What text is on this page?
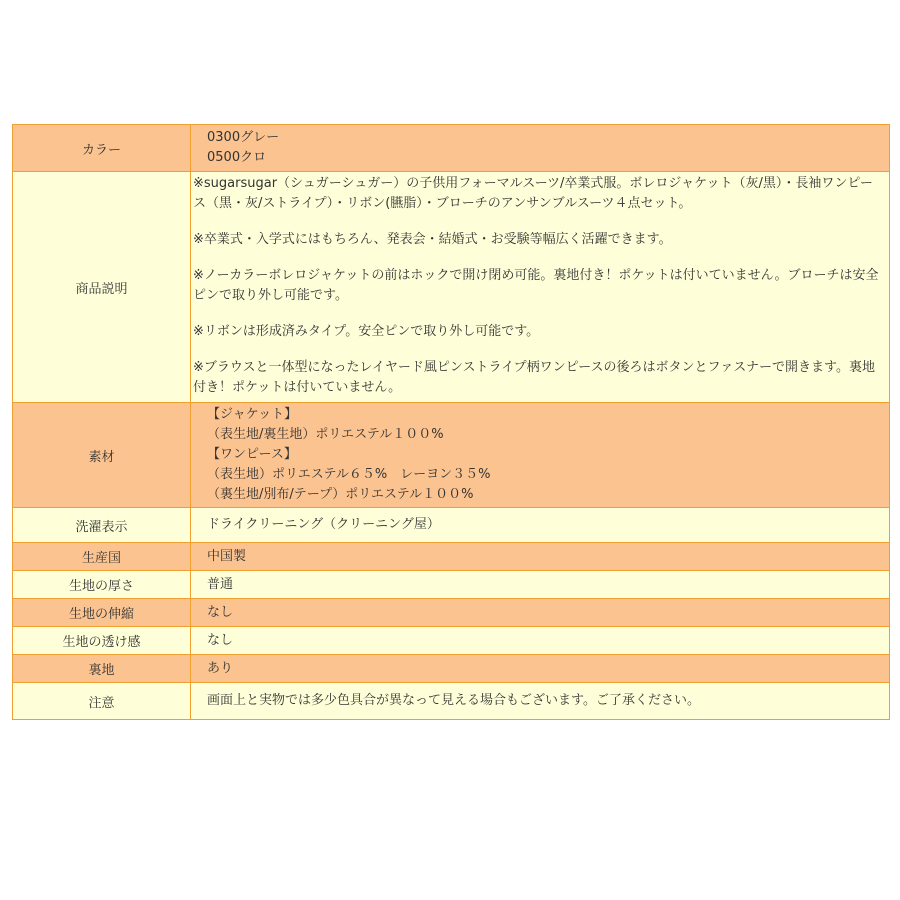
カラー	0300グレー
0500クロ

商品説明	※sugarsugar（シュガーシュガー）の子供用フォーマルスーツ/卒業式服。ボレロジャケット（灰/黒）・長袖ワンピース（黒・灰/ストライプ）・リボン(臙脂）・ブローチのアンサンブルスーツ４点セット。

※卒業式・入学式にはもちろん、発表会・結婚式・お受験等幅広く活躍できます。

※ノーカラーボレロジャケットの前はホックで開け閉め可能。裏地付き！ポケットは付いていません。ブローチは安全ピンで取り外し可能です。

※リボンは形成済みタイプ。安全ピンで取り外し可能です。

※ブラウスと一体型になったレイヤード風ピンストライプ柄ワンピースの後ろはボタンとファスナーで開きます。裏地付き！ポケットは付いていません。

素材	【ジャケット】
（表生地/裏生地）ポリエステル１００%
【ワンピース】
（表生地）ポリエステル６５%　レーヨン３５%
（裏生地/別布/テープ）ポリエステル１００%

洗濯表示	ドライクリーニング（クリーニング屋）
生産国	中国製
生地の厚さ	普通
生地の伸縮	なし
生地の透け感	なし
裏地	あり
注意	画面上と実物では多少色具合が異なって見える場合もございます。ご了承ください。
